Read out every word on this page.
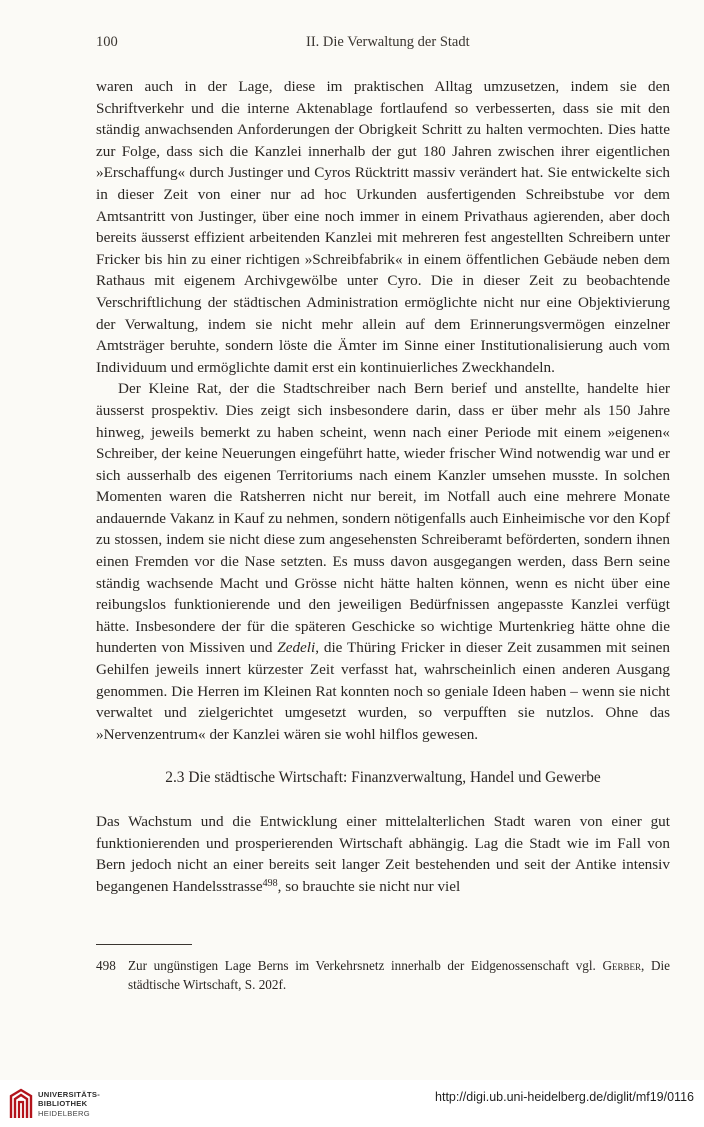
100	II. Die Verwaltung der Stadt

waren auch in der Lage, diese im praktischen Alltag umzusetzen, indem sie den Schriftverkehr und die interne Aktenablage fortlaufend so verbesserten, dass sie mit den ständig anwachsenden Anforderungen der Obrigkeit Schritt zu halten vermochten. Dies hatte zur Folge, dass sich die Kanzlei innerhalb der gut 180 Jahren zwischen ihrer eigentlichen »Erschaffung« durch Justinger und Cyros Rücktritt massiv verändert hat. Sie entwickelte sich in dieser Zeit von einer nur ad hoc Urkunden ausfertigenden Schreibstube vor dem Amtsantritt von Justinger, über eine noch immer in einem Privathaus agierenden, aber doch bereits äusserst effizient arbeitenden Kanzlei mit mehreren fest angestellten Schreibern unter Fricker bis hin zu einer richtigen »Schreibfabrik« in einem öffentlichen Gebäude neben dem Rathaus mit eigenem Archivgewölbe unter Cyro. Die in dieser Zeit zu beobachtende Verschriftlichung der städtischen Administration ermöglichte nicht nur eine Objektivierung der Verwaltung, indem sie nicht mehr allein auf dem Erinnerungsvermögen einzelner Amtsträger beruhte, sondern löste die Ämter im Sinne einer Institutionalisierung auch vom Individuum und ermöglichte damit erst ein kontinuierliches Zweckhandeln.

Der Kleine Rat, der die Stadtschreiber nach Bern berief und anstellte, handelte hier äusserst prospektiv. Dies zeigt sich insbesondere darin, dass er über mehr als 150 Jahre hinweg, jeweils bemerkt zu haben scheint, wenn nach einer Periode mit einem »eigenen« Schreiber, der keine Neuerungen eingeführt hatte, wieder frischer Wind notwendig war und er sich ausserhalb des eigenen Territoriums nach einem Kanzler umsehen musste. In solchen Momenten waren die Ratsherren nicht nur bereit, im Notfall auch eine mehrere Monate andauernde Vakanz in Kauf zu nehmen, sondern nötigenfalls auch Einheimische vor den Kopf zu stossen, indem sie nicht diese zum angesehensten Schreiberamt beförderten, sondern ihnen einen Fremden vor die Nase setzten. Es muss davon ausgegangen werden, dass Bern seine ständig wachsende Macht und Grösse nicht hätte halten können, wenn es nicht über eine reibungslos funktionierende und den jeweiligen Bedürfnissen angepasste Kanzlei verfügt hätte. Insbesondere der für die späteren Geschicke so wichtige Murtenkrieg hätte ohne die hunderten von Missiven und Zedeli, die Thüring Fricker in dieser Zeit zusammen mit seinen Gehilfen jeweils innert kürzester Zeit verfasst hat, wahrscheinlich einen anderen Ausgang genommen. Die Herren im Kleinen Rat konnten noch so geniale Ideen haben – wenn sie nicht verwaltet und zielgerichtet umgesetzt wurden, so verpufften sie nutzlos. Ohne das »Nervenzentrum« der Kanzlei wären sie wohl hilflos gewesen.

2.3 Die städtische Wirtschaft: Finanzverwaltung, Handel und Gewerbe

Das Wachstum und die Entwicklung einer mittelalterlichen Stadt waren von einer gut funktionierenden und prosperierenden Wirtschaft abhängig. Lag die Stadt wie im Fall von Bern jedoch nicht an einer bereits seit langer Zeit bestehenden und seit der Antike intensiv begangenen Handelsstrasse$^{498}$, so brauchte sie nicht nur viel

498 Zur ungünstigen Lage Berns im Verkehrsnetz innerhalb der Eidgenossenschaft vgl. Gerber, Die städtische Wirtschaft, S. 202f.
UNIVERSITÄTS-
BIBLIOTHEK
HEIDELBERG
http://digi.ub.uni-heidelberg.de/diglit/mf19/0116
